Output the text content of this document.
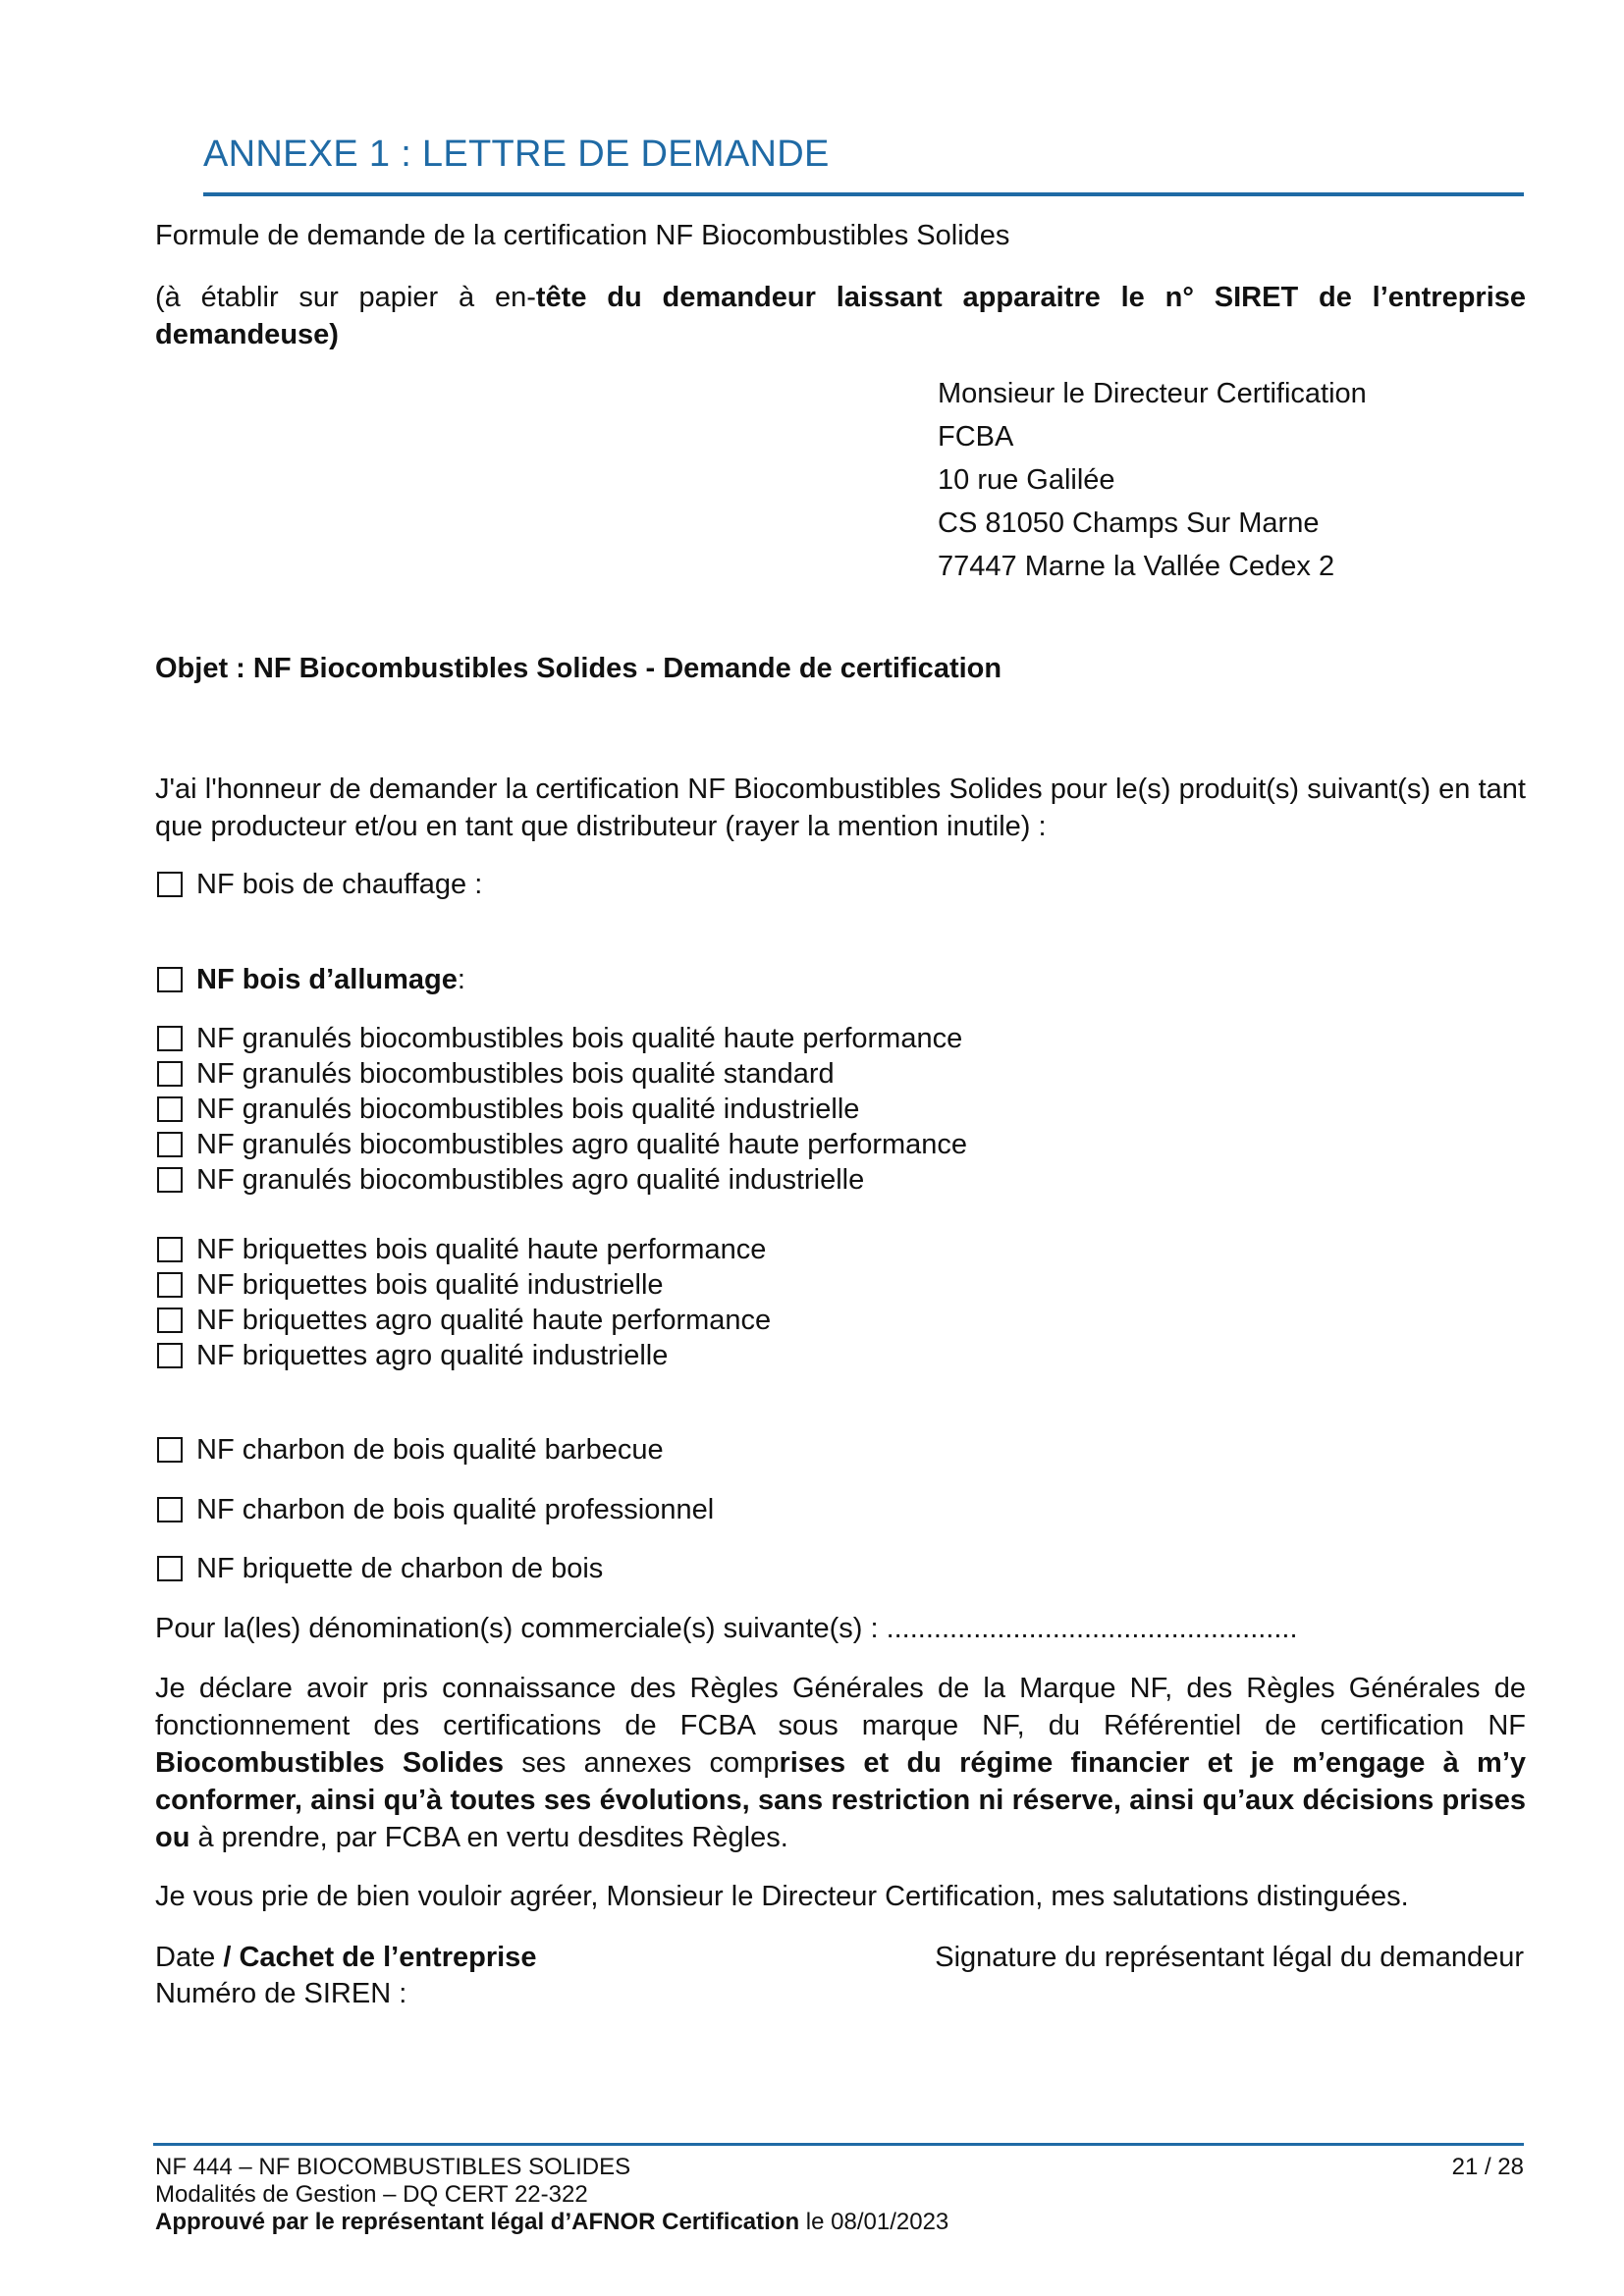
ANNEXE 1 : LETTRE DE DEMANDE
Formule de demande de la certification NF Biocombustibles Solides
(à établir sur papier à en-tête du demandeur laissant apparaitre le n° SIRET de l’entreprise demandeuse)
Monsieur le Directeur Certification
FCBA
10 rue Galilée
CS 81050 Champs Sur Marne
77447 Marne la Vallée Cedex 2
Objet : NF Biocombustibles Solides - Demande de certification
J'ai l'honneur de demander la certification NF Biocombustibles Solides pour le(s) produit(s) suivant(s) en tant que producteur et/ou en tant que distributeur (rayer la mention inutile) :
NF bois de chauffage :
NF bois d’allumage :
NF granulés biocombustibles bois qualité haute performance
NF granulés biocombustibles bois qualité standard
NF granulés biocombustibles bois qualité industrielle
NF granulés biocombustibles agro qualité haute performance
NF granulés biocombustibles agro qualité industrielle
NF briquettes bois qualité haute performance
NF briquettes bois qualité industrielle
NF briquettes agro qualité haute performance
NF briquettes agro qualité industrielle
NF charbon de bois qualité barbecue
NF charbon de bois qualité professionnel
NF briquette de charbon de bois
Pour la(les) dénomination(s) commerciale(s) suivante(s) : ....................................................
Je déclare avoir pris connaissance des Règles Générales de la Marque NF, des Règles Générales de fonctionnement des certifications de FCBA sous marque NF, du Référentiel de certification NF Biocombustibles Solides ses annexes comprises et du régime financier et je m’engage à m’y conformer, ainsi qu’à toutes ses évolutions, sans restriction ni réserve, ainsi qu’aux décisions prises ou à prendre, par FCBA en vertu desdites Règles.
Je vous prie de bien vouloir agréer, Monsieur le Directeur Certification, mes salutations distinguées.
Date / Cachet de l’entreprise
Numéro de SIREN :
Signature du représentant légal du demandeur
NF 444 – NF BIOCOMBUSTIBLES SOLIDES
Modalités de Gestion – DQ CERT 22-322
Approuvé par le représentant légal d’AFNOR Certification le 08/01/2023
21 / 28
